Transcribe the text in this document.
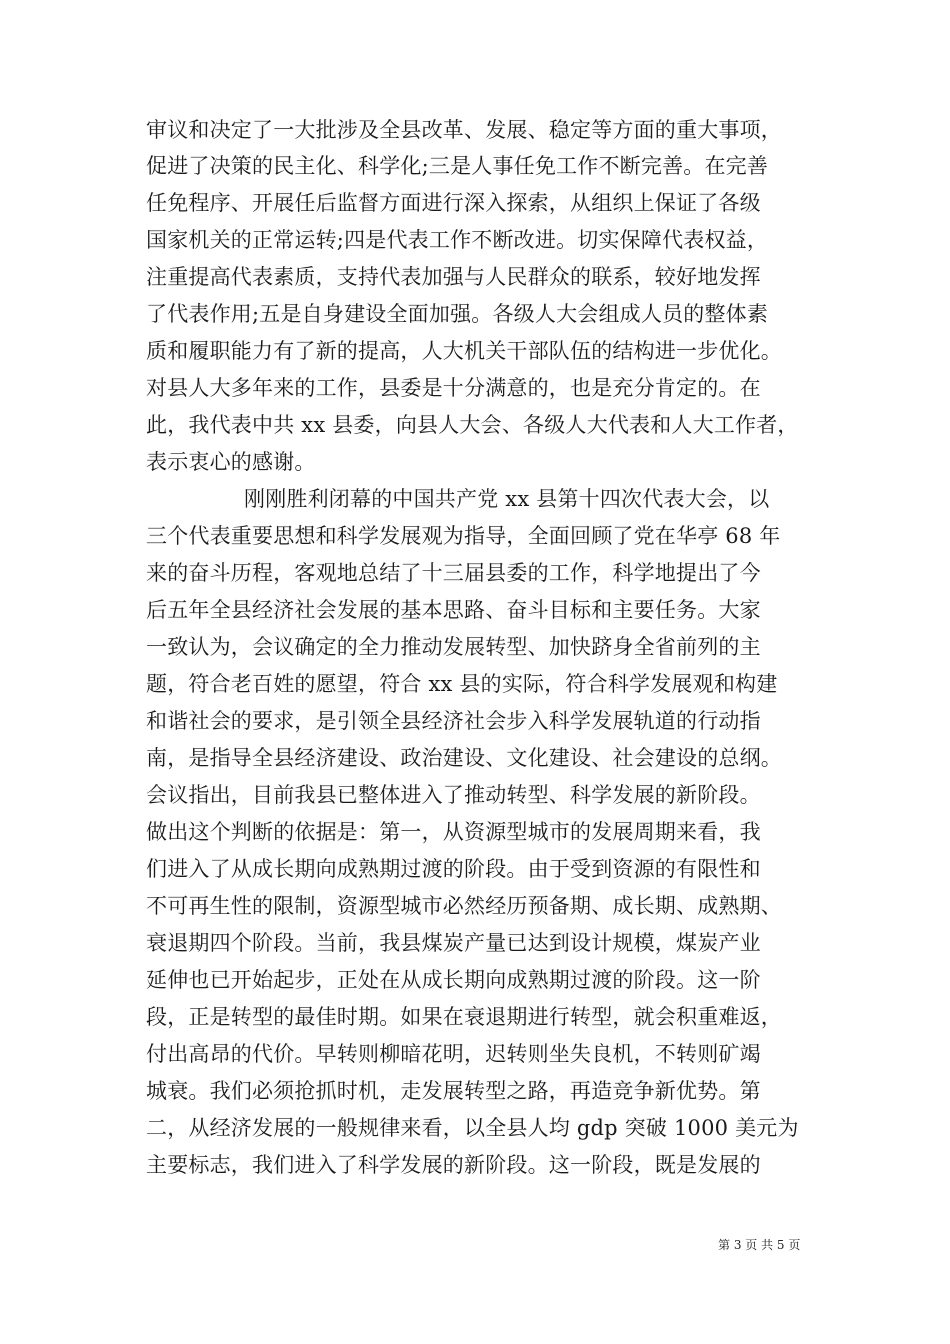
审议和决定了一大批涉及全县改革、发展、稳定等方面的重大事项，
促进了决策的民主化、科学化;三是人事任免工作不断完善。在完善
任免程序、开展任后监督方面进行深入探索，从组织上保证了各级
国家机关的正常运转;四是代表工作不断改进。切实保障代表权益，
注重提高代表素质，支持代表加强与人民群众的联系，较好地发挥
了代表作用;五是自身建设全面加强。各级人大会组成人员的整体素
质和履职能力有了新的提高，人大机关干部队伍的结构进一步优化。
对县人大多年来的工作，县委是十分满意的，也是充分肯定的。在
此，我代表中共 xx 县委，向县人大会、各级人大代表和人大工作者，
表示衷心的感谢。
刚刚胜利闭幕的中国共产党 xx 县第十四次代表大会，以
三个代表重要思想和科学发展观为指导，全面回顾了党在华亭 68 年
来的奋斗历程，客观地总结了十三届县委的工作，科学地提出了今
后五年全县经济社会发展的基本思路、奋斗目标和主要任务。大家
一致认为，会议确定的全力推动发展转型、加快跻身全省前列的主
题，符合老百姓的愿望，符合 xx 县的实际，符合科学发展观和构建
和谐社会的要求，是引领全县经济社会步入科学发展轨道的行动指
南，是指导全县经济建设、政治建设、文化建设、社会建设的总纲。
会议指出，目前我县已整体进入了推动转型、科学发展的新阶段。
做出这个判断的依据是：第一，从资源型城市的发展周期来看，我
们进入了从成长期向成熟期过渡的阶段。由于受到资源的有限性和
不可再生性的限制，资源型城市必然经历预备期、成长期、成熟期、
衰退期四个阶段。当前，我县煤炭产量已达到设计规模，煤炭产业
延伸也已开始起步，正处在从成长期向成熟期过渡的阶段。这一阶
段，正是转型的最佳时期。如果在衰退期进行转型，就会积重难返，
付出高昂的代价。早转则柳暗花明，迟转则坐失良机，不转则矿竭
城衰。我们必须抢抓时机，走发展转型之路，再造竞争新优势。第
二，从经济发展的一般规律来看，以全县人均 gdp 突破 1000 美元为
主要标志，我们进入了科学发展的新阶段。这一阶段，既是发展的
第 3 页 共 5 页
